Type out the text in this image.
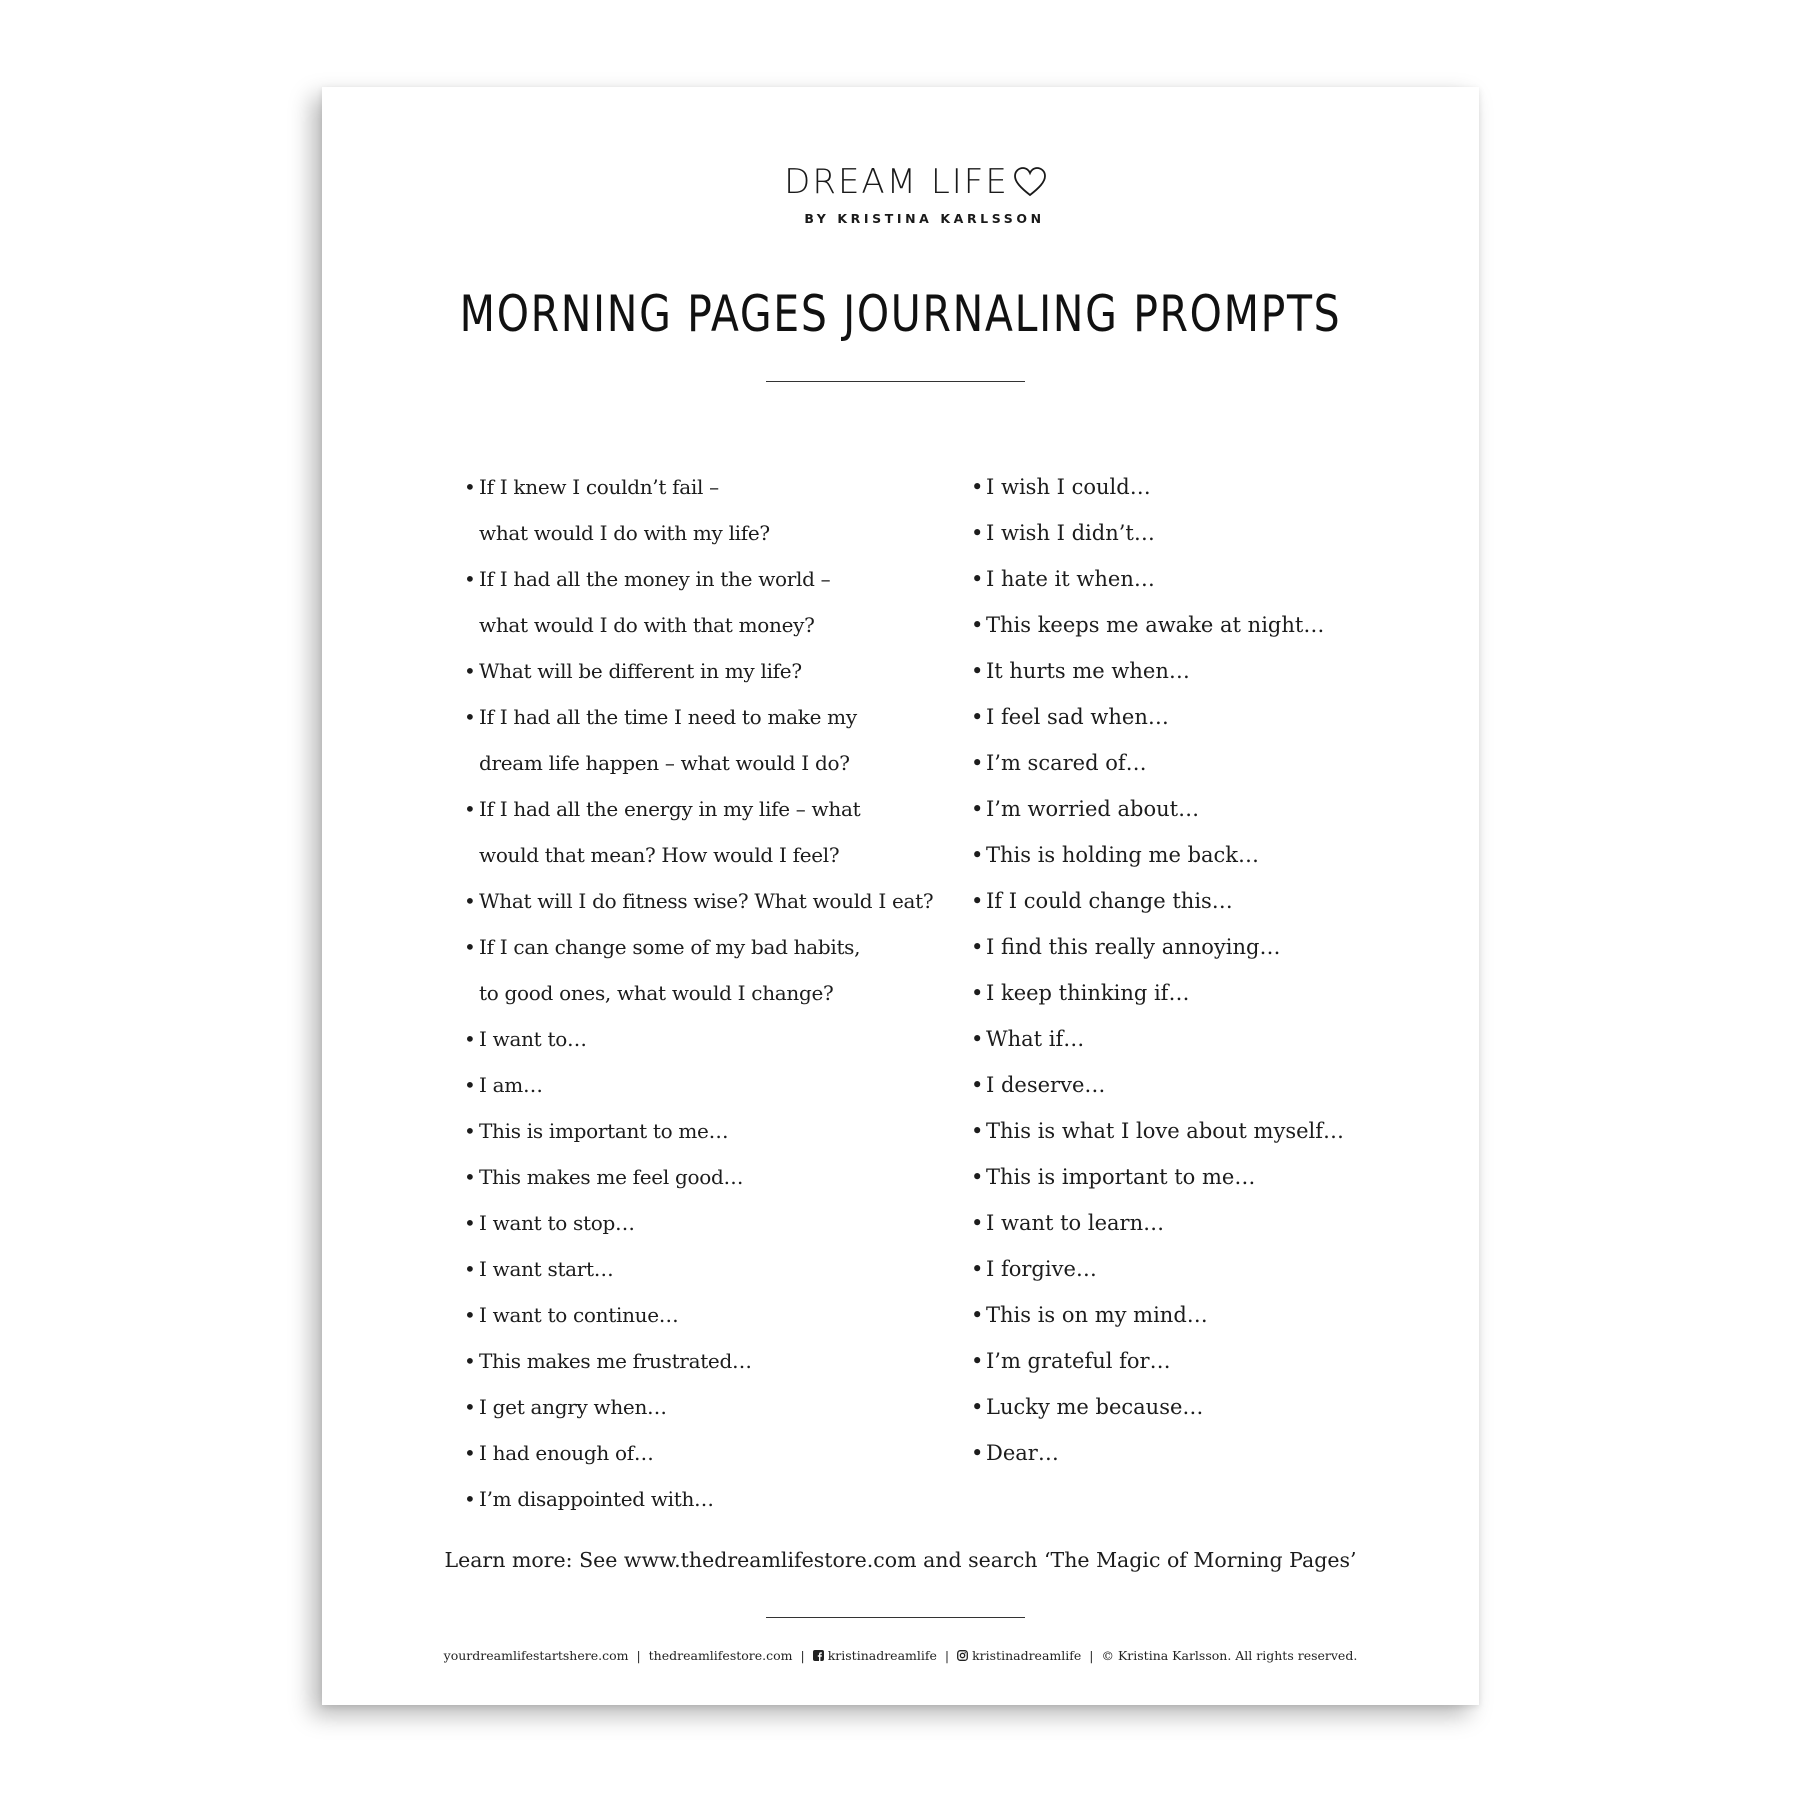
DREAM LIFE
BY KRISTINA KARLSSON
MORNING PAGES JOURNALING PROMPTS
• If I knew I couldn’t fail –
what would I do with my life?
• If I had all the money in the world –
what would I do with that money?
• What will be different in my life?
• If I had all the time I need to make my
dream life happen – what would I do?
• If I had all the energy in my life – what
would that mean? How would I feel?
• What will I do fitness wise? What would I eat?
• If I can change some of my bad habits,
to good ones, what would I change?
• I want to…
• I am…
• This is important to me…
• This makes me feel good…
• I want to stop…
• I want start…
• I want to continue…
• This makes me frustrated…
• I get angry when…
• I had enough of…
• I’m disappointed with…
• I wish I could…
• I wish I didn’t…
• I hate it when…
• This keeps me awake at night…
• It hurts me when…
• I feel sad when…
• I’m scared of…
• I’m worried about…
• This is holding me back…
• If I could change this…
• I find this really annoying…
• I keep thinking if…
• What if…
• I deserve…
• This is what I love about myself…
• This is important to me…
• I want to learn…
• I forgive…
• This is on my mind…
• I’m grateful for…
• Lucky me because…
• Dear…
Learn more: See www.thedreamlifestore.com and search ‘The Magic of Morning Pages’
yourdreamlifestartshere.com | thedreamlifestore.com | kristinadreamlife | kristinadreamlife | © Kristina Karlsson. All rights reserved.
